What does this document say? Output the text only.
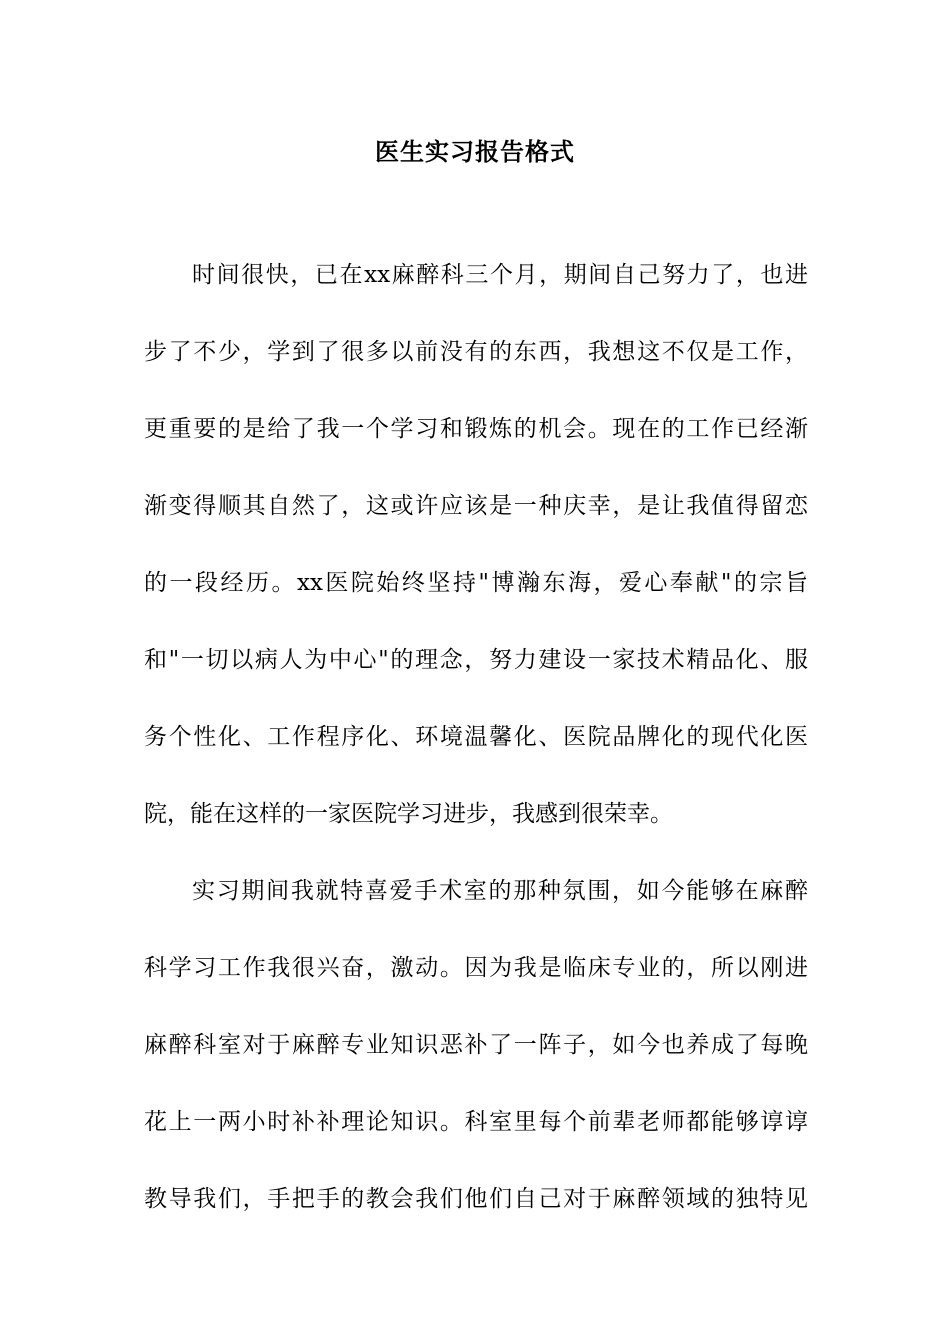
医生实习报告格式
时间很快，已在xx麻醉科三个月，期间自己努力了，也进
步了不少，学到了很多以前没有的东西，我想这不仅是工作，
更重要的是给了我一个学习和锻炼的机会。现在的工作已经渐
渐变得顺其自然了，这或许应该是一种庆幸，是让我值得留恋
的一段经历。xx医院始终坚持"博瀚东海，爱心奉献"的宗旨
和"一切以病人为中心"的理念，努力建设一家技术精品化、服
务个性化、工作程序化、环境温馨化、医院品牌化的现代化医
院，能在这样的一家医院学习进步，我感到很荣幸。
实习期间我就特喜爱手术室的那种氛围，如今能够在麻醉
科学习工作我很兴奋，激动。因为我是临床专业的，所以刚进
麻醉科室对于麻醉专业知识恶补了一阵子，如今也养成了每晚
花上一两小时补补理论知识。科室里每个前辈老师都能够谆谆
教导我们，手把手的教会我们他们自己对于麻醉领域的独特见
